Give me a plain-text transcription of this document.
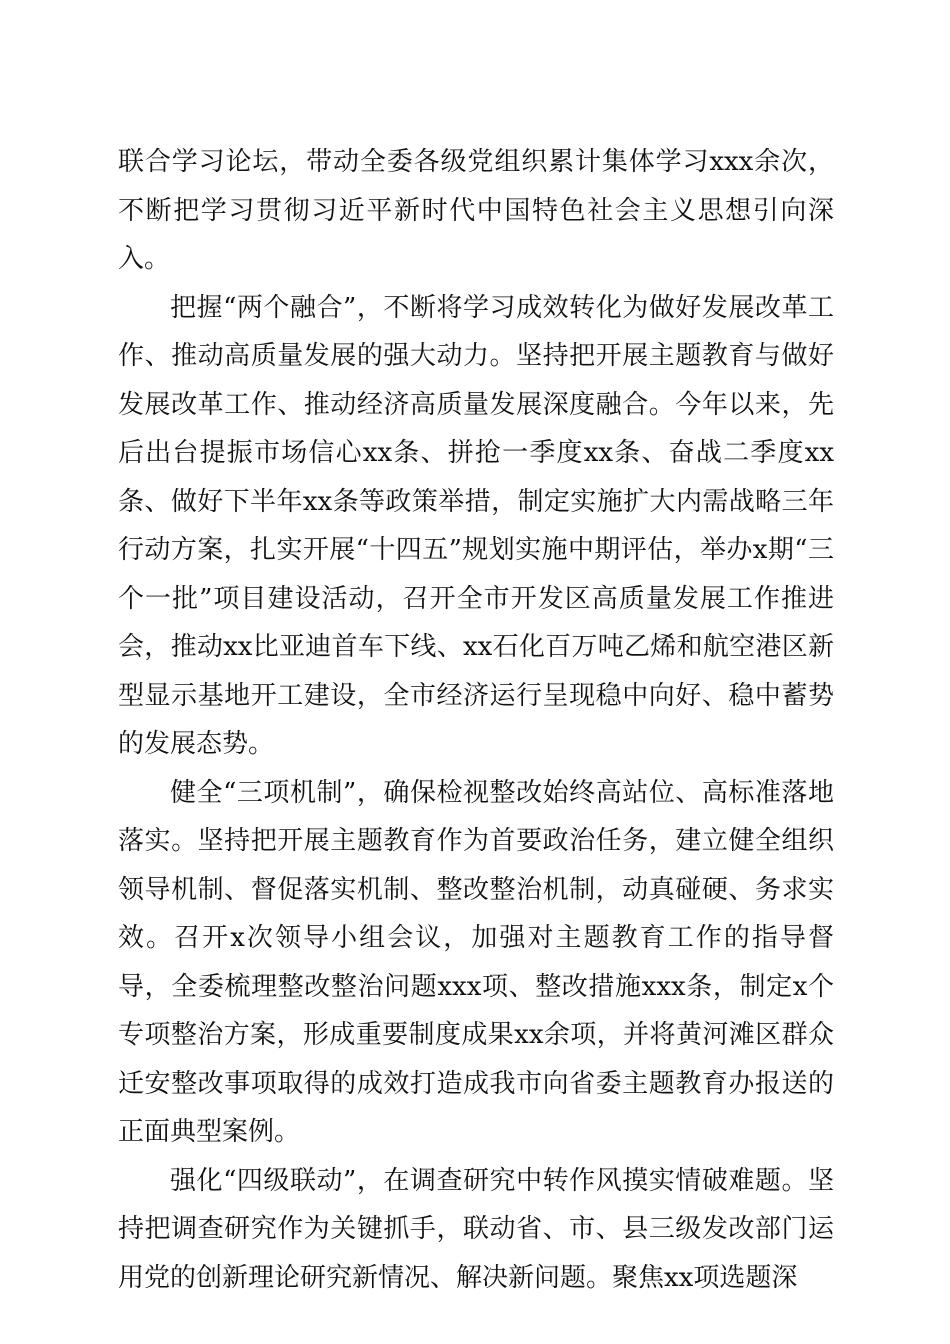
联合学习论坛，带动全委各级党组织累计集体学习xxx余次，不断把学习贯彻习近平新时代中国特色社会主义思想引向深入。

把握“两个融合”，不断将学习成效转化为做好发展改革工作、推动高质量发展的强大动力。坚持把开展主题教育与做好发展改革工作、推动经济高质量发展深度融合。今年以来，先后出台提振市场信心xx条、拼抢一季度xx条、奋战二季度xx条、做好下半年xx条等政策举措，制定实施扩大内需战略三年行动方案，扎实开展“十四五”规划实施中期评估，举办x期“三个一批”项目建设活动，召开全市开发区高质量发展工作推进会，推动xx比亚迪首车下线、xx石化百万吨乙烯和航空港区新型显示基地开工建设，全市经济运行呈现稳中向好、稳中蓄势的发展态势。

健全“三项机制”，确保检视整改始终高站位、高标准落地落实。坚持把开展主题教育作为首要政治任务，建立健全组织领导机制、督促落实机制、整改整治机制，动真碰硬、务求实效。召开x次领导小组会议，加强对主题教育工作的指导督导，全委梳理整改整治问题xxx项、整改措施xxx条，制定x个专项整治方案，形成重要制度成果xx余项，并将黄河滩区群众迁安整改事项取得的成效打造成我市向省委主题教育办报送的正面典型案例。

强化“四级联动”，在调查研究中转作风摸实情破难题。坚持把调查研究作为关键抓手，联动省、市、县三级发改部门运用党的创新理论研究新情况、解决新问题。聚焦xx项选题深
